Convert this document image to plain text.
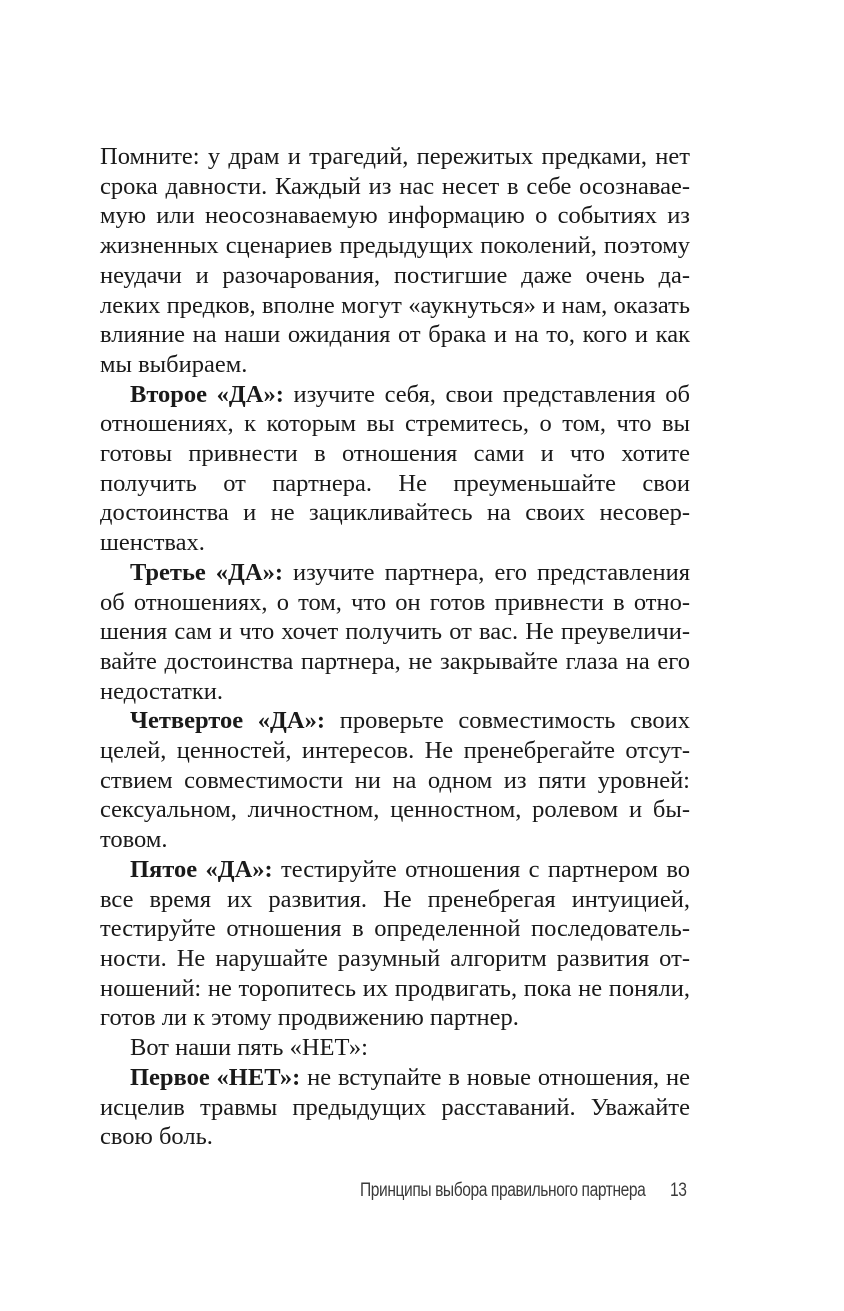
Помните: у драм и трагедий, пережитых предками, нет срока давности. Каждый из нас несет в себе осознаваемую или неосознаваемую информацию о событиях из жизненных сценариев предыдущих поколений, поэтому неудачи и разочарования, постигшие даже очень далеких предков, вполне могут «аукнуться» и нам, оказать влияние на наши ожидания от брака и на то, кого и как мы выбираем.

Второе «ДА»: изучите себя, свои представления об отношениях, к которым вы стремитесь, о том, что вы готовы привнести в отношения сами и что хотите получить от партнера. Не преуменьшайте свои достоинства и не зацикливайтесь на своих несовершенствах.

Третье «ДА»: изучите партнера, его представления об отношениях, о том, что он готов привнести в отношения сам и что хочет получить от вас. Не преувеличивайте достоинства партнера, не закрывайте глаза на его недостатки.

Четвертое «ДА»: проверьте совместимость своих целей, ценностей, интересов. Не пренебрегайте отсутствием совместимости ни на одном из пяти уровней: сексуальном, личностном, ценностном, ролевом и бытовом.

Пятое «ДА»: тестируйте отношения с партнером во все время их развития. Не пренебрегая интуицией, тестируйте отношения в определенной последовательности. Не нарушайте разумный алгоритм развития отношений: не торопитесь их продвигать, пока не поняли, готов ли к этому продвижению партнер.

Вот наши пять «НЕТ»:

Первое «НЕТ»: не вступайте в новые отношения, не исцелив травмы предыдущих расставаний. Уважайте свою боль.

Принципы выбора правильного партнера 13
